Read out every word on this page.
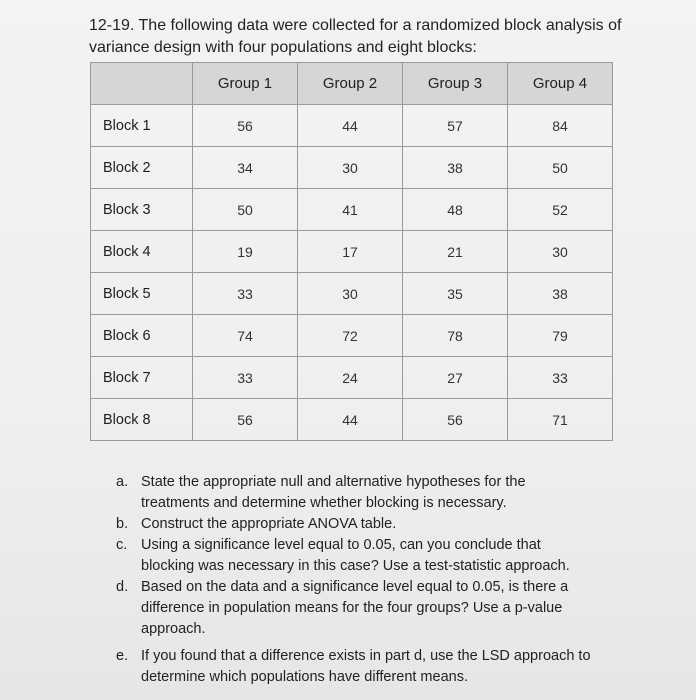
12-19. The following data were collected for a randomized block analysis of variance design with four populations and eight blocks:
	Group 1	Group 2	Group 3	Group 4
Block 1	56	44	57	84
Block 2	34	30	38	50
Block 3	50	41	48	52
Block 4	19	17	21	30
Block 5	33	30	35	38
Block 6	74	72	78	79
Block 7	33	24	27	33
Block 8	56	44	56	71
a. State the appropriate null and alternative hypotheses for the treatments and determine whether blocking is necessary.
b. Construct the appropriate ANOVA table.
c. Using a significance level equal to 0.05, can you conclude that blocking was necessary in this case? Use a test-statistic approach.
d. Based on the data and a significance level equal to 0.05, is there a difference in population means for the four groups? Use a p-value approach.
e. If you found that a difference exists in part d, use the LSD approach to determine which populations have different means.
